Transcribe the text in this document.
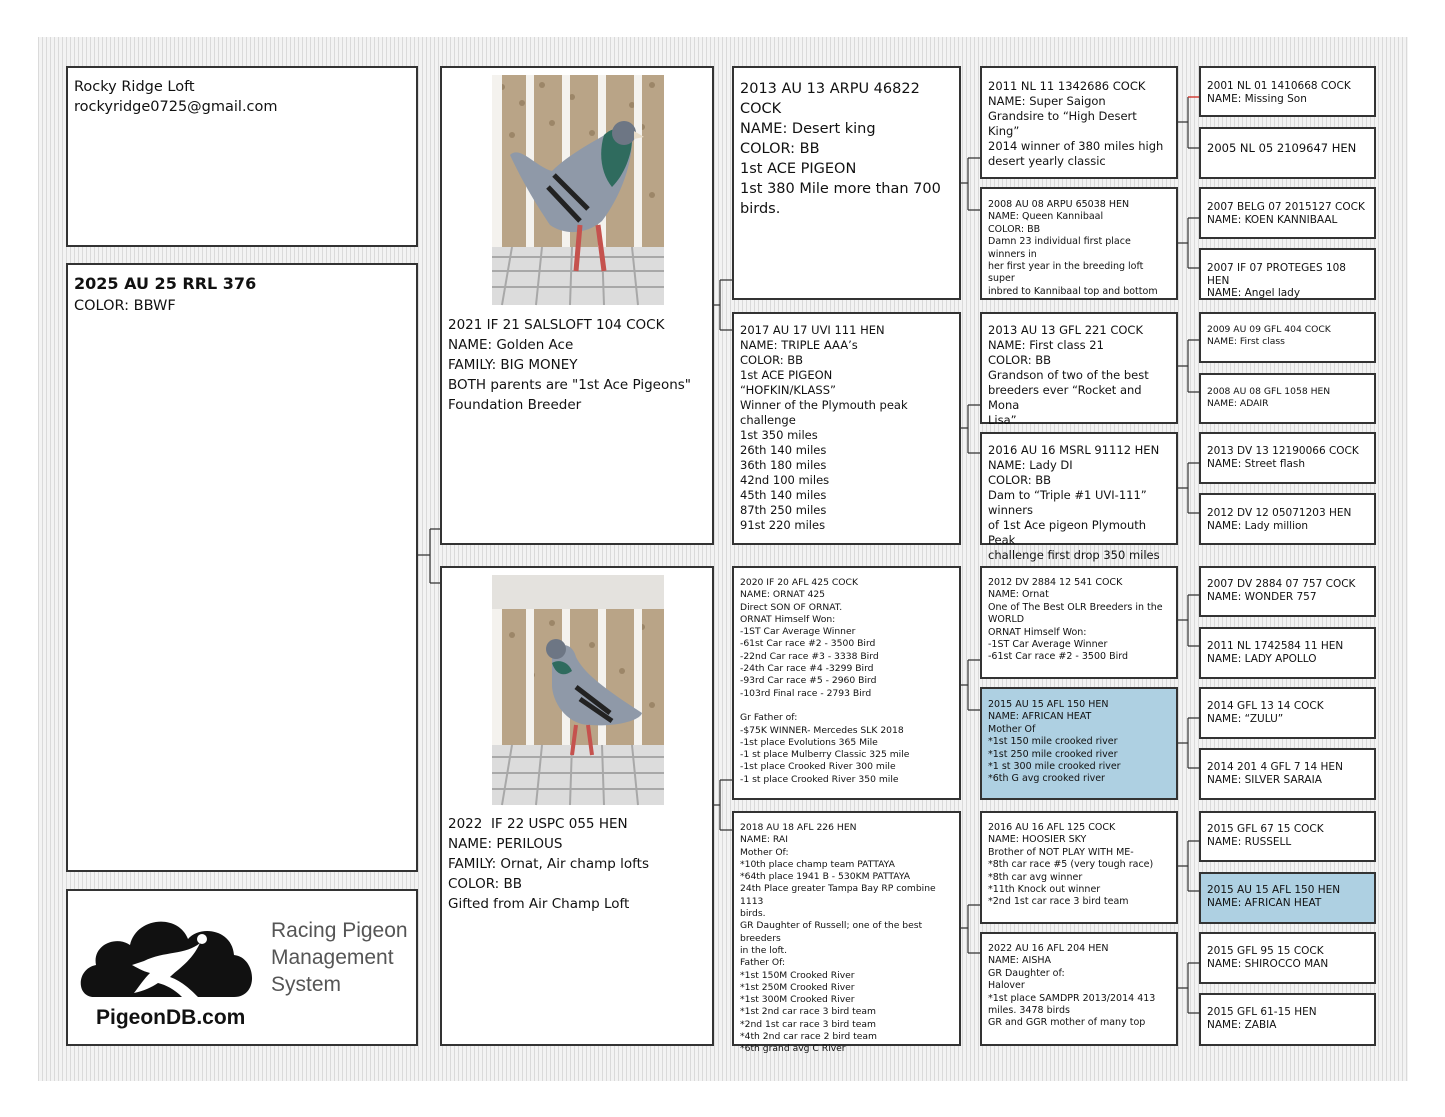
Rocky Ridge Loft
rockyridge0725@gmail.com
2025 AU 25 RRL 376
COLOR: BBWF
Racing Pigeon
Management
System
PigeonDB.com
2021 IF 21 SALSLOFT 104 COCK
NAME: Golden Ace
FAMILY: BIG MONEY
BOTH parents are "1st Ace Pigeons"
Foundation Breeder
2022  IF 22 USPC 055 HEN
NAME: PERILOUS
FAMILY: Ornat, Air champ lofts
COLOR: BB
Gifted from Air Champ Loft
2013 AU 13 ARPU 46822 COCK
NAME: Desert king
COLOR: BB
1st ACE PIGEON
1st 380 Mile more than 700
birds.
2017 AU 17 UVI 111 HEN
NAME: TRIPLE AAA’s
COLOR: BB
1st ACE PIGEON
“HOFKIN/KLASS”
Winner of the Plymouth peak challenge
1st 350 miles
26th 140 miles
36th 180 miles
42nd 100 miles
45th 140 miles
87th 250 miles
91st 220 miles
2020 IF 20 AFL 425 COCK
NAME: ORNAT 425
Direct SON OF ORNAT.
ORNAT Himself Won:
-1ST Car Average Winner
-61st Car race #2 - 3500 Bird
-22nd Car race #3 - 3338 Bird
-24th Car race #4 -3299 Bird
-93rd Car race #5 - 2960 Bird
-103rd Final race - 2793 Bird

Gr Father of:
-$75K WINNER- Mercedes SLK 2018
-1st place Evolutions 365 Mile
-1 st place Mulberry Classic 325 mile
-1st place Crooked River 300 mile
-1 st place Crooked River 350 mile
2018 AU 18 AFL 226 HEN
NAME: RAI
Mother Of:
*10th place champ team PATTAYA
*64th place 1941 B - 530KM PATTAYA
24th Place greater Tampa Bay RP combine 1113
birds.
GR Daughter of Russell; one of the best breeders
in the loft.
Father Of:
*1st 150M Crooked River
*1st 250M Crooked River
*1st 300M Crooked River
*1st 2nd car race 3 bird team
*2nd 1st car race 3 bird team
*4th 2nd car race 2 bird team
*6th grand avg C River
2011 NL 11 1342686 COCK
NAME: Super Saigon
Grandsire to “High Desert King”
2014 winner of 380 miles high
desert yearly classic
2008 AU 08 ARPU 65038 HEN
NAME: Queen Kannibaal
COLOR: BB
Damn 23 individual first place winners in
her first year in the breeding loft super
inbred to Kannibaal top and bottom
2013 AU 13 GFL 221 COCK
NAME: First class 21
COLOR: BB
Grandson of two of the best
breeders ever “Rocket and Mona
Lisa”
2016 AU 16 MSRL 91112 HEN
NAME: Lady DI
COLOR: BB
Dam to “Triple #1 UVI-111” winners
of 1st Ace pigeon Plymouth Peak
challenge first drop 350 miles
2012 DV 2884 12 541 COCK
NAME: Ornat
One of The Best OLR Breeders in the
WORLD
ORNAT Himself Won:
-1ST Car Average Winner
-61st Car race #2 - 3500 Bird
2015 AU 15 AFL 150 HEN
NAME: AFRICAN HEAT
Mother Of
*1st 150 mile crooked river
*1st 250 mile crooked river
*1 st 300 mile crooked river
*6th G avg crooked river
2016 AU 16 AFL 125 COCK
NAME: HOOSIER SKY
Brother of NOT PLAY WITH ME-
*8th car race #5 (very tough race)
*8th car avg winner
*11th Knock out winner
*2nd 1st car race 3 bird team
2022 AU 16 AFL 204 HEN
NAME: AISHA
GR Daughter of:
Halover
*1st place SAMDPR 2013/2014 413
miles. 3478 birds
GR and GGR mother of many top
2001 NL 01 1410668 COCK
NAME: Missing Son
2005 NL 05 2109647 HEN
2007 BELG 07 2015127 COCK
NAME: KOEN KANNIBAAL
2007 IF 07 PROTEGES 108 HEN
NAME: Angel lady
2009 AU 09 GFL 404 COCK
NAME: First class
2008 AU 08 GFL 1058 HEN
NAME: ADAIR
2013 DV 13 12190066 COCK
NAME: Street flash
2012 DV 12 05071203 HEN
NAME: Lady million
2007 DV 2884 07 757 COCK
NAME: WONDER 757
2011 NL 1742584 11 HEN
NAME: LADY APOLLO
2014 GFL 13 14 COCK
NAME: “ZULU”
2014 201 4 GFL 7 14 HEN
NAME: SILVER SARAIA
2015 GFL 67 15 COCK
NAME: RUSSELL
2015 AU 15 AFL 150 HEN
NAME: AFRICAN HEAT
2015 GFL 95 15 COCK
NAME: SHIROCCO MAN
2015 GFL 61-15 HEN
NAME: ZABIA
